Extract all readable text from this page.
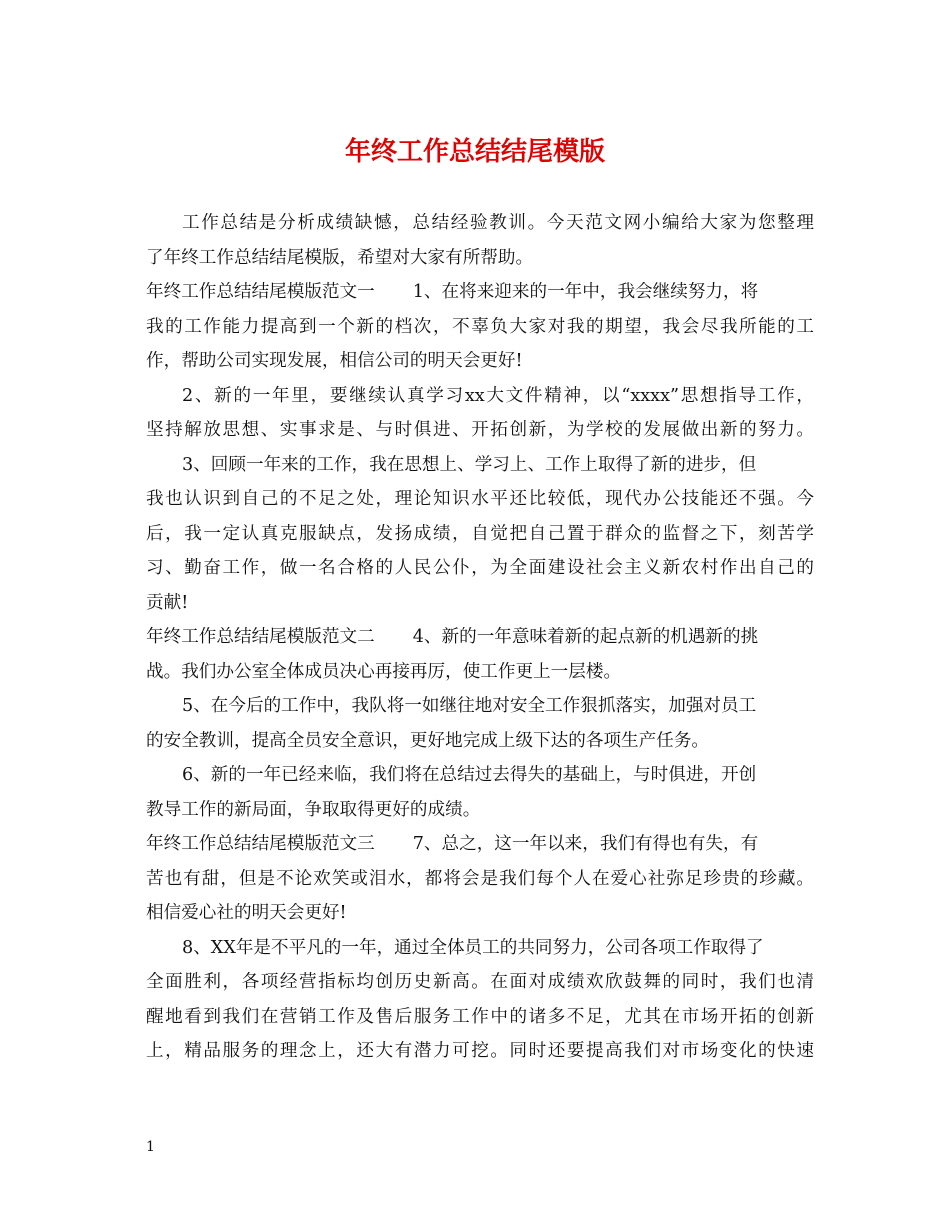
年终工作总结结尾模版
工作总结是分析成绩缺憾，总结经验教训。今天范文网小编给大家为您整理
了年终工作总结结尾模版，希望对大家有所帮助。
年终工作总结结尾模版范文一 1、在将来迎来的一年中，我会继续努力，将
我的工作能力提高到一个新的档次，不辜负大家对我的期望，我会尽我所能的工
作，帮助公司实现发展，相信公司的明天会更好!
2、新的一年里，要继续认真学习xx大文件精神，以“xxxx”思想指导工作，
坚持解放思想、实事求是、与时俱进、开拓创新，为学校的发展做出新的努力。
3、回顾一年来的工作，我在思想上、学习上、工作上取得了新的进步，但
我也认识到自己的不足之处，理论知识水平还比较低，现代办公技能还不强。今
后，我一定认真克服缺点，发扬成绩，自觉把自己置于群众的监督之下，刻苦学
习、勤奋工作，做一名合格的人民公仆，为全面建设社会主义新农村作出自己的
贡献!
年终工作总结结尾模版范文二 4、新的一年意味着新的起点新的机遇新的挑
战。我们办公室全体成员决心再接再厉，使工作更上一层楼。
5、在今后的工作中，我队将一如继往地对安全工作狠抓落实，加强对员工
的安全教训，提高全员安全意识，更好地完成上级下达的各项生产任务。
6、新的一年已经来临，我们将在总结过去得失的基础上，与时俱进，开创
教导工作的新局面，争取取得更好的成绩。
年终工作总结结尾模版范文三 7、总之，这一年以来，我们有得也有失，有
苦也有甜，但是不论欢笑或泪水，都将会是我们每个人在爱心社弥足珍贵的珍藏。
相信爱心社的明天会更好!
8、XX年是不平凡的一年，通过全体员工的共同努力，公司各项工作取得了
全面胜利，各项经营指标均创历史新高。在面对成绩欢欣鼓舞的同时，我们也清
醒地看到我们在营销工作及售后服务工作中的诸多不足，尤其在市场开拓的创新
上，精品服务的理念上，还大有潜力可挖。同时还要提高我们对市场变化的快速
1
